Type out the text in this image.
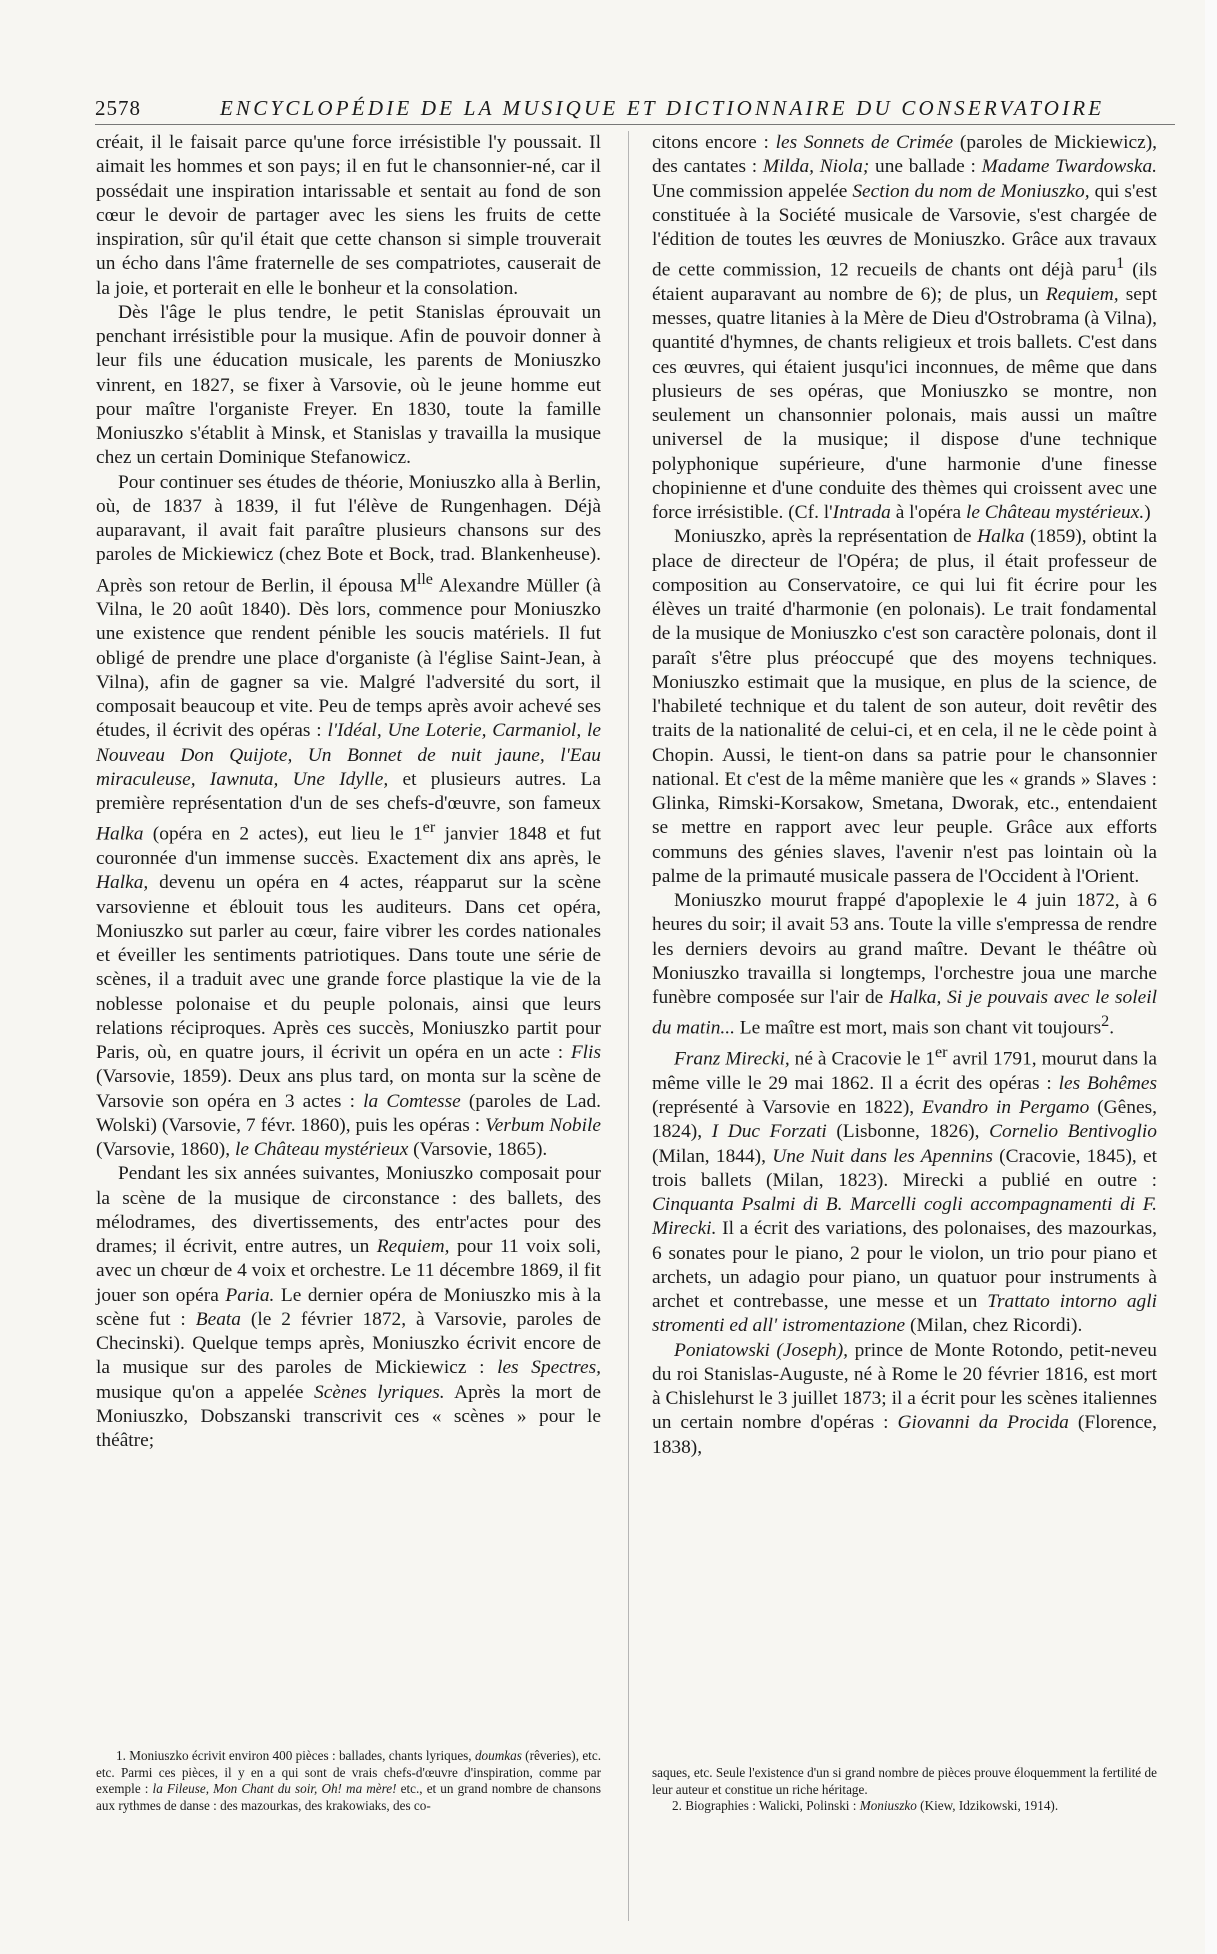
2578	ENCYCLOPÉDIE DE LA MUSIQUE ET DICTIONNAIRE DU CONSERVATOIRE

créait, il le faisait parce qu'une force irrésistible l'y poussait. Il aimait les hommes et son pays; il en fut le chansonnier-né, car il possédait une inspiration intarissable et sentait au fond de son cœur le devoir de partager avec les siens les fruits de cette inspiration, sûr qu'il était que cette chanson si simple trouverait un écho dans l'âme fraternelle de ses compatriotes, causerait de la joie, et porterait en elle le bonheur et la consolation.

Dès l'âge le plus tendre, le petit Stanislas éprouvait un penchant irrésistible pour la musique. Afin de pouvoir donner à leur fils une éducation musicale, les parents de Moniuszko vinrent, en 1827, se fixer à Varsovie, où le jeune homme eut pour maître l'organiste Freyer. En 1830, toute la famille Moniuszko s'établit à Minsk, et Stanislas y travailla la musique chez un certain Dominique Stefanowicz.

Pour continuer ses études de théorie, Moniuszko alla à Berlin, où, de 1837 à 1839, il fut l'élève de Rungenhagen. Déjà auparavant, il avait fait paraître plusieurs chansons sur des paroles de Mickiewicz (chez Bote et Bock, trad. Blankenheuse). Après son retour de Berlin, il épousa $M^{lle}$ Alexandre Müller (à Vilna, le 20 août 1840). Dès lors, commence pour Moniuszko une existence que rendent pénible les soucis matériels. Il fut obligé de prendre une place d'organiste (à l'église Saint-Jean, à Vilna), afin de gagner sa vie. Malgré l'adversité du sort, il composait beaucoup et vite. Peu de temps après avoir achevé ses études, il écrivit des opéras : l'Idéal, Une Loterie, Carmaniol, le Nouveau Don Quijote, Un Bonnet de nuit jaune, l'Eau miraculeuse, Iawnuta, Une Idylle, et plusieurs autres. La première représentation d'un de ses chefs-d'œuvre, son fameux Halka (opéra en 2 actes), eut lieu le 1er janvier 1848 et fut couronnée d'un immense succès. Exactement dix ans après, le Halka, devenu un opéra en 4 actes, réapparut sur la scène varsovienne et éblouit tous les auditeurs. Dans cet opéra, Moniuszko sut parler au cœur, faire vibrer les cordes nationales et éveiller les sentiments patriotiques. Dans toute une série de scènes, il a traduit avec une grande force plastique la vie de la noblesse polonaise et du peuple polonais, ainsi que leurs relations réciproques. Après ces succès, Moniuszko partit pour Paris, où, en quatre jours, il écrivit un opéra en un acte : Flis (Varsovie, 1859). Deux ans plus tard, on monta sur la scène de Varsovie son opéra en 3 actes : la Comtesse (paroles de Lad. Wolski) (Varsovie, 7 févr. 1860), puis les opéras : Verbum Nobile (Varsovie, 1860), le Château mystérieux (Varsovie, 1865).

Pendant les six années suivantes, Moniuszko composait pour la scène de la musique de circonstance : des ballets, des mélodrames, des divertissements, des entr'actes pour des drames; il écrivit, entre autres, un Requiem, pour 11 voix soli, avec un chœur de 4 voix et orchestre. Le 11 décembre 1869, il fit jouer son opéra Paria. Le dernier opéra de Moniuszko mis à la scène fut : Beata (le 2 février 1872, à Varsovie, paroles de Checinski). Quelque temps après, Moniuszko écrivit encore de la musique sur des paroles de Mickiewicz : les Spectres, musique qu'on a appelée Scènes lyriques. Après la mort de Moniuszko, Dobszanski transcrivit ces « scènes » pour le théâtre;

citons encore : les Sonnets de Crimée (paroles de Mickiewicz), des cantates : Milda, Niola; une ballade : Madame Twardowska. Une commission appelée Section du nom de Moniuszko, qui s'est constituée à la Société musicale de Varsovie, s'est chargée de l'édition de toutes les œuvres de Moniuszko. Grâce aux travaux de cette commission, 12 recueils de chants ont déjà paru$^1$ (ils étaient auparavant au nombre de 6); de plus, un Requiem, sept messes, quatre litanies à la Mère de Dieu d'Ostrobrama (à Vilna), quantité d'hymnes, de chants religieux et trois ballets. C'est dans ces œuvres, qui étaient jusqu'ici inconnues, de même que dans plusieurs de ses opéras, que Moniuszko se montre, non seulement un chansonnier polonais, mais aussi un maître universel de la musique; il dispose d'une technique polyphonique supérieure, d'une harmonie d'une finesse chopinienne et d'une conduite des thèmes qui croissent avec une force irrésistible. (Cf. l'Intrada à l'opéra le Château mystérieux.)

Moniuszko, après la représentation de Halka (1859), obtint la place de directeur de l'Opéra; de plus, il était professeur de composition au Conservatoire, ce qui lui fit écrire pour les élèves un traité d'harmonie (en polonais). Le trait fondamental de la musique de Moniuszko c'est son caractère polonais, dont il paraît s'être plus préoccupé que des moyens techniques. Moniuszko estimait que la musique, en plus de la science, de l'habileté technique et du talent de son auteur, doit revêtir des traits de la nationalité de celui-ci, et en cela, il ne le cède point à Chopin. Aussi, le tient-on dans sa patrie pour le chansonnier national. Et c'est de la même manière que les « grands » Slaves : Glinka, Rimski-Korsakow, Smetana, Dworak, etc., entendaient se mettre en rapport avec leur peuple. Grâce aux efforts communs des génies slaves, l'avenir n'est pas lointain où la palme de la primauté musicale passera de l'Occident à l'Orient.

Moniuszko mourut frappé d'apoplexie le 4 juin 1872, à 6 heures du soir; il avait 53 ans. Toute la ville s'empressa de rendre les derniers devoirs au grand maître. Devant le théâtre où Moniuszko travailla si longtemps, l'orchestre joua une marche funèbre composée sur l'air de Halka, Si je pouvais avec le soleil du matin... Le maître est mort, mais son chant vit toujours$^2$.

Franz Mirecki, né à Cracovie le 1er avril 1791, mourut dans la même ville le 29 mai 1862. Il a écrit des opéras : les Bohêmes (représenté à Varsovie en 1822), Evandro in Pergamo (Gênes, 1824), I Duc Forzati (Lisbonne, 1826), Cornelio Bentivoglio (Milan, 1844), Une Nuit dans les Apennins (Cracovie, 1845), et trois ballets (Milan, 1823). Mirecki a publié en outre : Cinquanta Psalmi di B. Marcelli cogli accompagnamenti di F. Mirecki. Il a écrit des variations, des polonaises, des mazourkas, 6 sonates pour le piano, 2 pour le violon, un trio pour piano et archets, un adagio pour piano, un quatuor pour instruments à archet et contrebasse, une messe et un Trattato intorno agli stromenti ed all' istromentazione (Milan, chez Ricordi).

Poniatowski (Joseph), prince de Monte Rotondo, petit-neveu du roi Stanislas-Auguste, né à Rome le 20 février 1816, est mort à Chislehurst le 3 juillet 1873; il a écrit pour les scènes italiennes un certain nombre d'opéras : Giovanni da Procida (Florence, 1838),

1. Moniuszko écrivit environ 400 pièces : ballades, chants lyriques, doumkas (rêveries), etc. etc. Parmi ces pièces, il y en a qui sont de vrais chefs-d'œuvre d'inspiration, comme par exemple : la Fileuse, Mon Chant du soir, Oh! ma mère! etc., et un grand nombre de chansons aux rythmes de danse : des mazourkas, des krakowiaks, des co-

saques, etc. Seule l'existence d'un si grand nombre de pièces prouve éloquemment la fertilité de leur auteur et constitue un riche héritage.

2. Biographies : Walicki, Polinski : Moniuszko (Kiew, Idzikowski, 1914).
